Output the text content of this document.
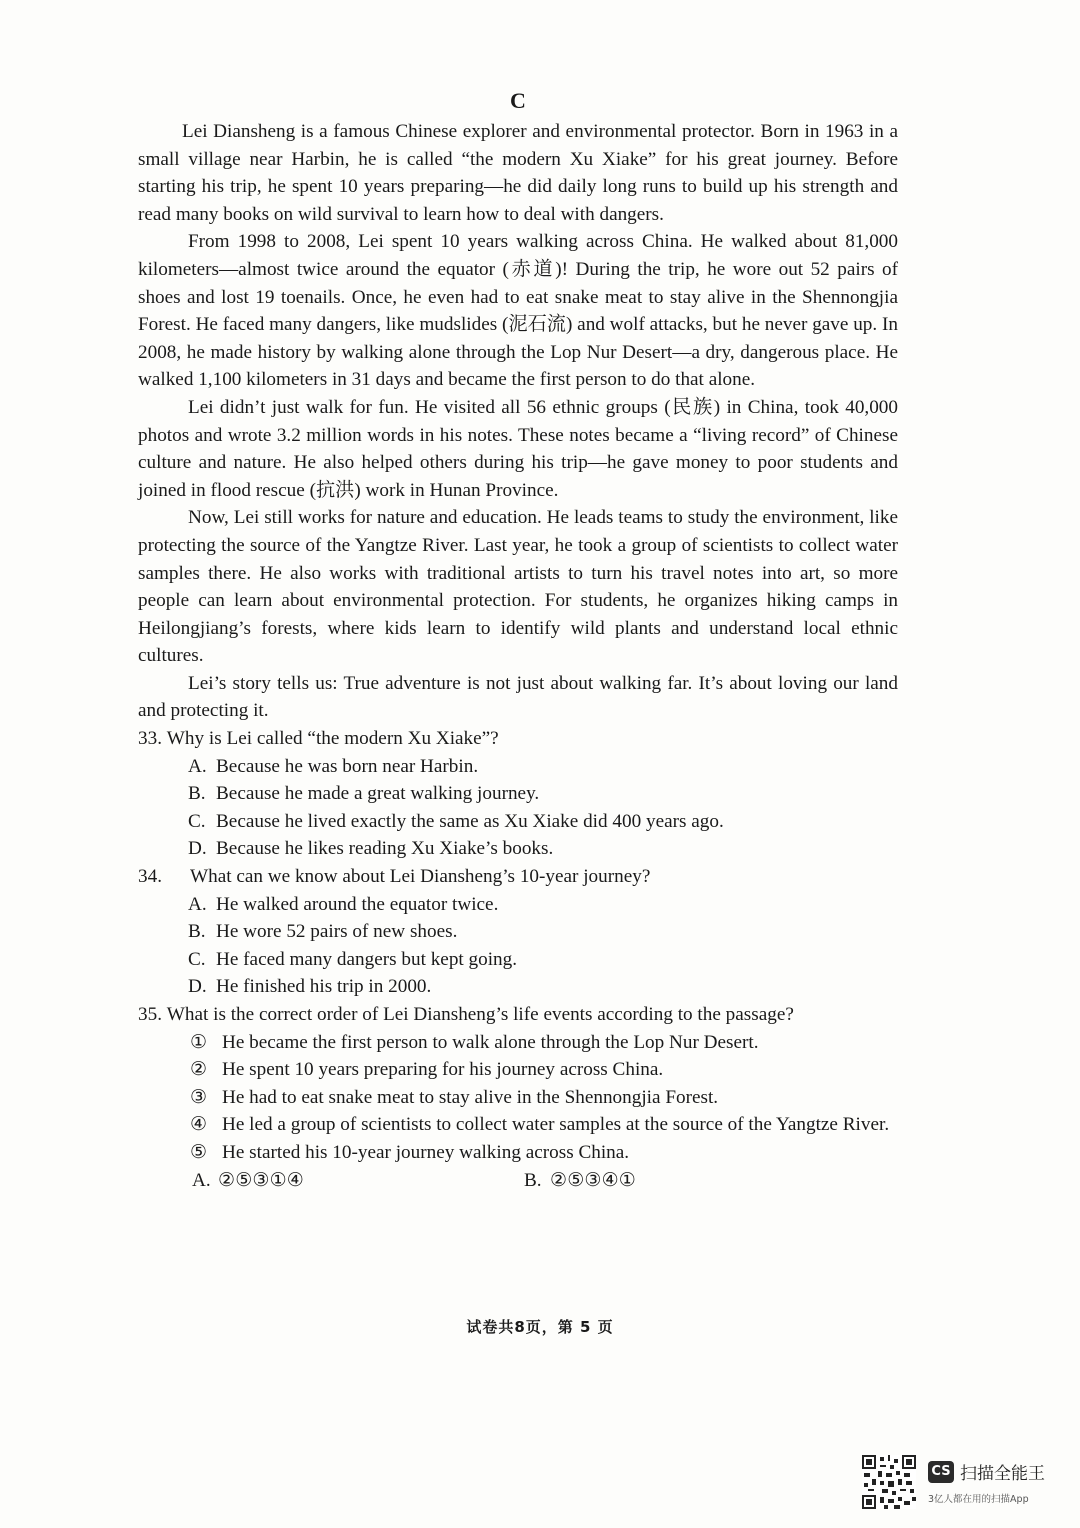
C

Lei Diansheng is a famous Chinese explorer and environmental protector. Born in 1963 in a small village near Harbin, he is called “the modern Xu Xiake” for his great journey. Before starting his trip, he spent 10 years preparing—he did daily long runs to build up his strength and read many books on wild survival to learn how to deal with dangers.

From 1998 to 2008, Lei spent 10 years walking across China. He walked about 81,000 kilometers—almost twice around the equator (赤道)! During the trip, he wore out 52 pairs of shoes and lost 19 toenails. Once, he even had to eat snake meat to stay alive in the Shennongjia Forest. He faced many dangers, like mudslides (泥石流) and wolf attacks, but he never gave up. In 2008, he made history by walking alone through the Lop Nur Desert—a dry, dangerous place. He walked 1,100 kilometers in 31 days and became the first person to do that alone.

Lei didn’t just walk for fun. He visited all 56 ethnic groups (民族) in China, took 40,000 photos and wrote 3.2 million words in his notes. These notes became a “living record” of Chinese culture and nature. He also helped others during his trip—he gave money to poor students and joined in flood rescue (抗洪) work in Hunan Province.

Now, Lei still works for nature and education. He leads teams to study the environment, like protecting the source of the Yangtze River. Last year, he took a group of scientists to collect water samples there. He also works with traditional artists to turn his travel notes into art, so more people can learn about environmental protection. For students, he organizes hiking camps in Heilongjiang’s forests, where kids learn to identify wild plants and understand local ethnic cultures.

Lei’s story tells us: True adventure is not just about walking far. It’s about loving our land and protecting it.

33.
Why is Lei called “the modern Xu Xiake”?
A. Because he was born near Harbin.
B. Because he made a great walking journey.
C. Because he lived exactly the same as Xu Xiake did 400 years ago.
D. Because he likes reading Xu Xiake’s books.
34.	What can we know about Lei Diansheng’s 10-year journey?
A. He walked around the equator twice.
B. He wore 52 pairs of new shoes.
C. He faced many dangers but kept going.
D. He finished his trip in 2000.
35.
What is the correct order of Lei Diansheng’s life events according to the passage?
① He became the first person to walk alone through the Lop Nur Desert.
② He spent 10 years preparing for his journey across China.
③ He had to eat snake meat to stay alive in the Shennongjia Forest.
④ He led a group of scientists to collect water samples at the source of the Yangtze River.
⑤ He started his 10-year journey walking across China.
A. ②⑤③①④	B. ②⑤③④①
试卷共8页，第 5 页
CS 扫描全能王
3亿人都在用的扫描App
